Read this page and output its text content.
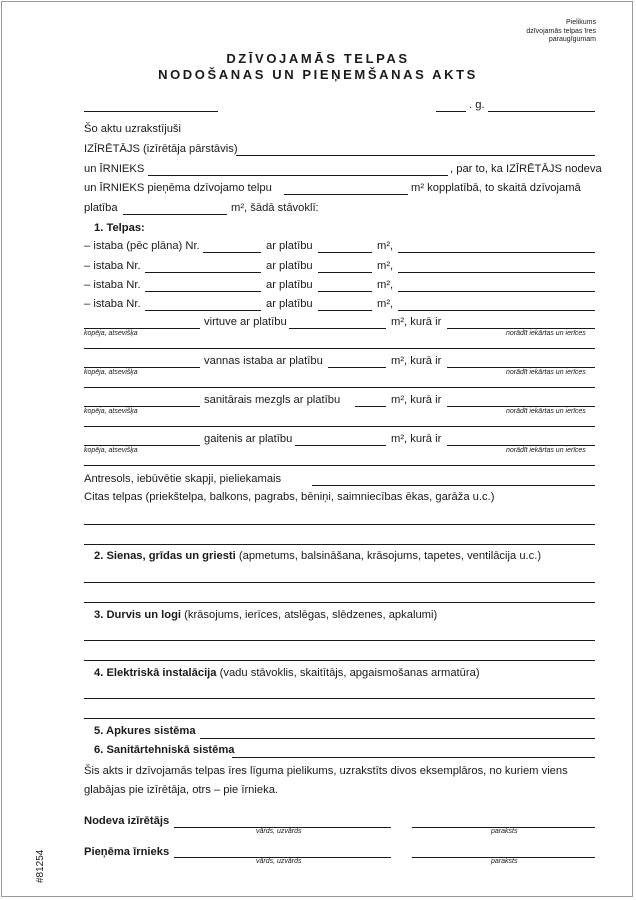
Pielikums
dzīvojamās telpas īres
paraugīgumam
DZĪVOJAMĀS TELPAS
NODOŠANAS UN PIEŅEMŠANAS AKTS
. g.
Šo aktu uzrakstījuši
IZĪRĒTĀJS (izīrētāja pārstāvis)
un ĪRNIEKS	, par to, ka IZĪRĒTĀJS nodeva
un ĪRNIEKS pieņēma dzīvojamo telpu	m² kopplatībā, to skaitā dzīvojamā
platība	m², šādā stāvoklī:
1. Telpas:
– istaba (pēc plāna) Nr.	ar platību	m²,
– istaba Nr.	ar platību	m²,
– istaba Nr.	ar platību	m²,
– istaba Nr.	ar platību	m²,
virtuve ar platību	m², kurā ir
kopēja, atsevišķa	norādīt iekārtas un ierīces
vannas istaba ar platību	m², kurā ir
kopēja, atsevišķa	norādīt iekārtas un ierīces
sanitārais mezgls ar platību	m², kurā ir
kopēja, atsevišķa	norādīt iekārtas un ierīces
gaitenis ar platību	m², kurā ir
kopēja, atsevišķa	norādīt iekārtas un ierīces
Antresols, iebūvētie skapji, pieliekamais
Citas telpas (priekštelpa, balkons, pagrabs, bēniņi, saimniecības ēkas, garāža u.c.)
2. Sienas, grīdas un griesti (apmetums, balsināšana, krāsojums, tapetes, ventilācija u.c.)
3. Durvis un logi (krāsojums, ierīces, atslēgas, slēdzenes, apkalumi)
4. Elektriskā instalācija (vadu stāvoklis, skaitītājs, apgaismošanas armatūra)
5. Apkures sistēma
6. Sanitārtehniskā sistēma
Šis akts ir dzīvojamās telpas īres līguma pielikums, uzrakstīts divos eksemplāros, no kuriem viens
glabājas pie izīrētāja, otrs – pie īrnieka.
Nodeva izīrētājs
vārds, uzvārds	paraksts
Pieņēma īrnieks
vārds, uzvārds	paraksts
#81254
